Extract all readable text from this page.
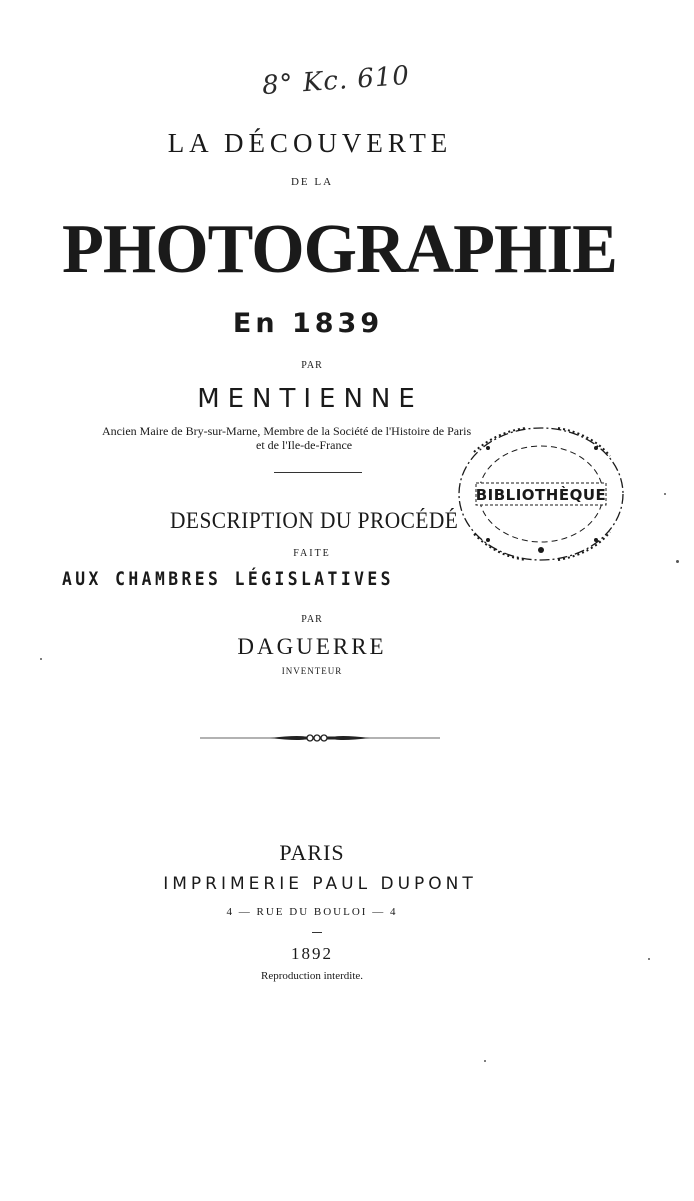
8° Kc. 610
LA DÉCOUVERTE
DE LA
PHOTOGRAPHIE
En 1839
PAR
MENTIENNE
Ancien Maire de Bry-sur-Marne, Membre de la Société de l'Histoire de Paris
et de l'Ile-de-France
DESCRIPTION DU PROCÉDÉ
FAITE
AUX CHAMBRES LÉGISLATIVES
PAR
DAGUERRE
INVENTEUR
PARIS
IMPRIMERIE PAUL DUPONT
4 — RUE DU BOULOI — 4
1892
Reproduction interdite.
BIBLIOTHÈQUE
